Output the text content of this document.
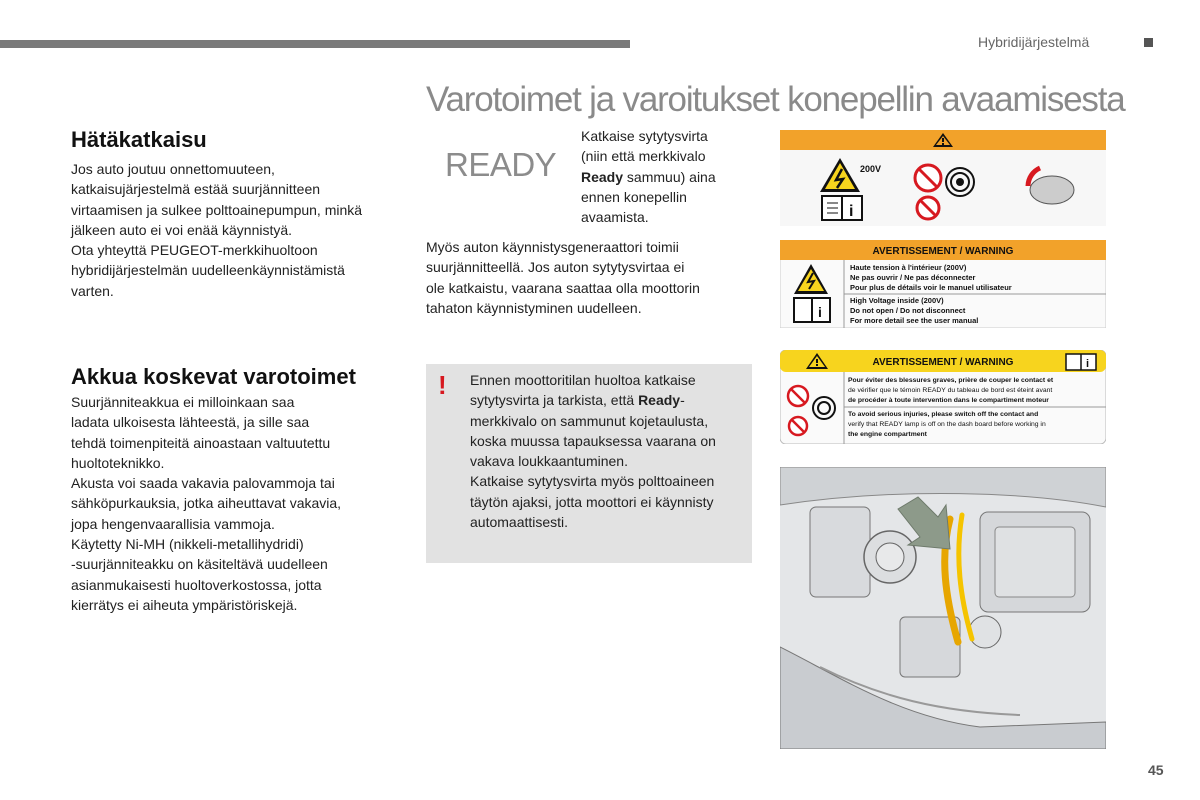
Hybridijärjestelmä
Varotoimet ja varoitukset konepellin avaamisesta
Hätäkatkaisu
Jos auto joutuu onnettomuuteen,
katkaisujärjestelmä estää suurjännitteen
virtaamisen ja sulkee polttoainepumpun, minkä
jälkeen auto ei voi enää käynnistyä.
Ota yhteyttä PEUGEOT-merkkihuoltoon
hybridijärjestelmän uudelleenkäynnistämistä
varten.
Akkua koskevat varotoimet
Suurjänniteakkua ei milloinkaan saa
ladata ulkoisesta lähteestä, ja sille saa
tehdä toimenpiteitä ainoastaan valtuutettu
huoltoteknikko.
Akusta voi saada vakavia palovammoja tai
sähköpurkauksia, jotka aiheuttavat vakavia,
jopa hengenvaarallisia vammoja.
Käytetty Ni-MH (nikkeli-metallihydridi)
-suurjänniteakku on käsiteltävä uudelleen
asianmukaisesti huoltoverkostossa, jotta
kierrätys ei aiheuta ympäristöriskejä.
READY
Katkaise sytytysvirta
(niin että merkkivalo
Ready sammuu) aina
ennen konepellin
avaamista.
Myös auton käynnistysgeneraattori toimii
suurjännitteellä. Jos auton sytytysvirtaa ei
ole katkaistu, vaarana saattaa olla moottorin
tahaton käynnistyminen uudelleen.
! Ennen moottoritilan huoltoa katkaise
sytytysvirta ja tarkista, että Ready-
merkkivalo on sammunut kojetaulusta,
koska muussa tapauksessa vaarana on
vakava loukkaantuminen.
Katkaise sytytysvirta myös polttoaineen
täytön ajaksi, jotta moottori ei käynnisty
automaattisesti.
200V
i
AVERTISSEMENT / WARNING
i
Haute tension à l'intérieur (200V)
Ne pas ouvrir / Ne pas déconnecter
Pour plus de détails voir le manuel utilisateur
High Voltage inside (200V)
Do not open / Do not disconnect
For more detail see the user manual
AVERTISSEMENT / WARNING	i
Pour éviter des blessures graves, prière de couper le contact et
de vérifier que le témoin READY du tableau de bord est éteint avant
de procéder à toute intervention dans le compartiment moteur
To avoid serious injuries, please switch off the contact and
verify that READY lamp is off on the dash board before working in
the engine compartment
45
